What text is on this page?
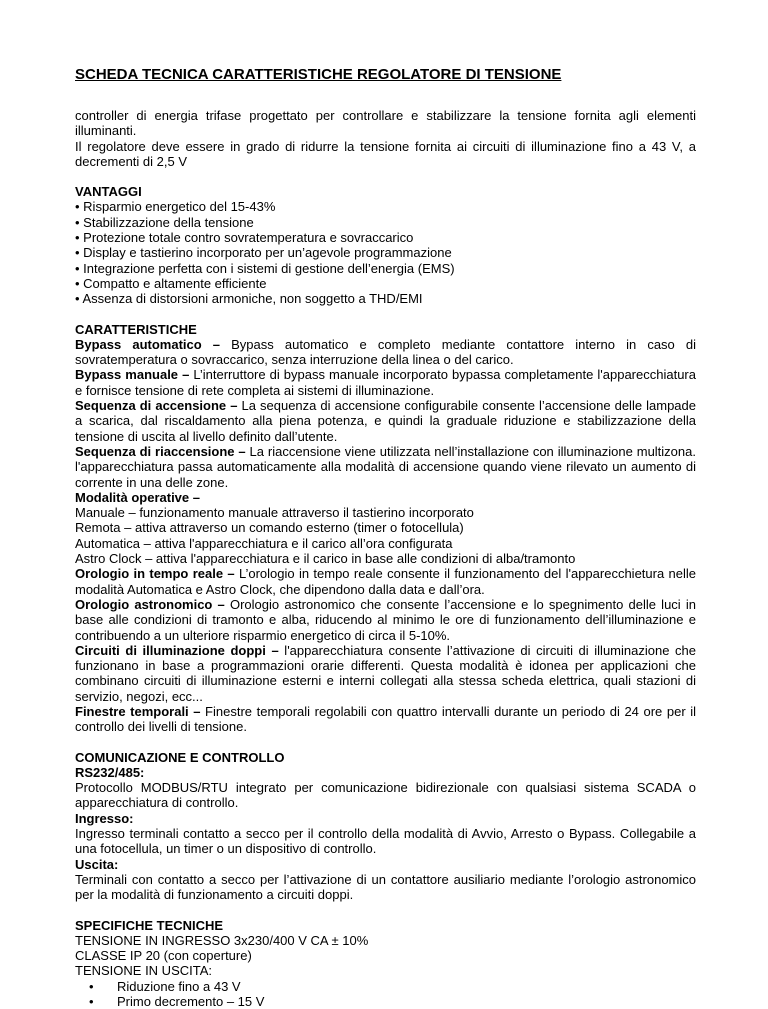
SCHEDA TECNICA CARATTERISTICHE REGOLATORE DI TENSIONE

controller di energia trifase progettato per controllare e stabilizzare la tensione fornita agli elementi illuminanti.

Il regolatore deve essere in grado di ridurre la tensione fornita ai circuiti di illuminazione fino a 43 V, a decrementi di 2,5 V

VANTAGGI

• Risparmio energetico del 15-43%
• Stabilizzazione della tensione
• Protezione totale contro sovratemperatura e sovraccarico
• Display e tastierino incorporato per un’agevole programmazione
• Integrazione perfetta con i sistemi di gestione dell’energia (EMS)
• Compatto e altamente efficiente
• Assenza di distorsioni armoniche, non soggetto a THD/EMI

CARATTERISTICHE

Bypass automatico – Bypass automatico e completo mediante contattore interno in caso di sovratemperatura o sovraccarico, senza interruzione della linea o del carico.

Bypass manuale – L’interruttore di bypass manuale incorporato bypassa completamente l'apparecchiatura e fornisce tensione di rete completa ai sistemi di illuminazione.

Sequenza di accensione – La sequenza di accensione configurabile consente l’accensione delle lampade a scarica, dal riscaldamento alla piena potenza, e quindi la graduale riduzione e stabilizzazione della tensione di uscita al livello definito dall’utente.

Sequenza di riaccensione – La riaccensione viene utilizzata nell’installazione con illuminazione multizona. l'apparecchiatura passa automaticamente alla modalità di accensione quando viene rilevato un aumento di corrente in una delle zone.

Modalità operative –

Manuale – funzionamento manuale attraverso il tastierino incorporato

Remota – attiva attraverso un comando esterno (timer o fotocellula)

Automatica – attiva l'apparecchiatura e il carico all’ora configurata

Astro Clock – attiva l'apparecchiatura e il carico in base alle condizioni di alba/tramonto

Orologio in tempo reale – L’orologio in tempo reale consente il funzionamento del l'apparecchietura nelle modalità Automatica e Astro Clock, che dipendono dalla data e dall’ora.

Orologio astronomico – Orologio astronomico che consente l’accensione e lo spegnimento delle luci in base alle condizioni di tramonto e alba, riducendo al minimo le ore di funzionamento dell’illuminazione e contribuendo a un ulteriore risparmio energetico di circa il 5-10%.

Circuiti di illuminazione doppi – l'apparecchiatura consente l’attivazione di circuiti di illuminazione che funzionano in base a programmazioni orarie differenti. Questa modalità è idonea per applicazioni che combinano circuiti di illuminazione esterni e interni collegati alla stessa scheda elettrica, quali stazioni di servizio, negozi, ecc...

Finestre temporali – Finestre temporali regolabili con quattro intervalli durante un periodo di 24 ore per il controllo dei livelli di tensione.

COMUNICAZIONE E CONTROLLO

RS232/485:

Protocollo MODBUS/RTU integrato per comunicazione bidirezionale con qualsiasi sistema SCADA o apparecchiatura di controllo.

Ingresso:

Ingresso terminali contatto a secco per il controllo della modalità di Avvio, Arresto o Bypass. Collegabile a una fotocellula, un timer o un dispositivo di controllo.

Uscita:

Terminali con contatto a secco per l’attivazione di un contattore ausiliario mediante l’orologio astronomico per la modalità di funzionamento a circuiti doppi.

SPECIFICHE TECNICHE

TENSIONE IN INGRESSO 3x230/400 V CA ± 10%

CLASSE IP 20 (con coperture)

TENSIONE IN USCITA:

• Riduzione fino a 43 V
• Primo decremento – 15 V
